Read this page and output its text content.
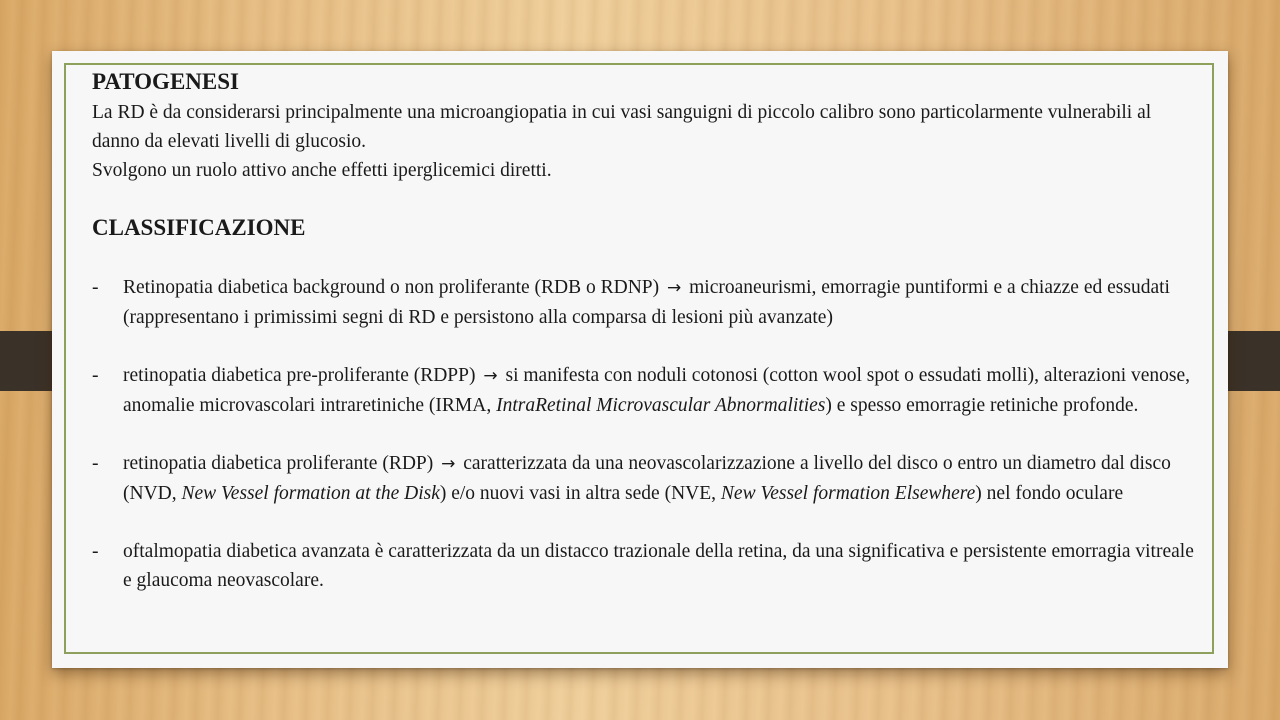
PATOGENESI

La RD è da considerarsi principalmente una microangiopatia in cui vasi sanguigni di piccolo calibro sono particolarmente vulnerabili al danno da elevati livelli di glucosio.

Svolgono un ruolo attivo anche effetti iperglicemici diretti.

CLASSIFICAZIONE

- Retinopatia diabetica background o non proliferante (RDB o RDNP) → microaneurismi, emorragie puntiformi e a chiazze ed essudati (rappresentano i primissimi segni di RD e persistono alla comparsa di lesioni più avanzate)

- retinopatia diabetica pre-proliferante (RDPP) → si manifesta con noduli cotonosi (cotton wool spot o essudati molli), alterazioni venose, anomalie microvascolari intraretiniche (IRMA, IntraRetinal Microvascular Abnormalities) e spesso emorragie retiniche profonde.

- retinopatia diabetica proliferante (RDP) → caratterizzata da una neovascolarizzazione a livello del disco o entro un diametro dal disco (NVD, New Vessel formation at the Disk) e/o nuovi vasi in altra sede (NVE, New Vessel formation Elsewhere) nel fondo oculare

- oftalmopatia diabetica avanzata è caratterizzata da un distacco trazionale della retina, da una significativa e persistente emorragia vitreale e glaucoma neovascolare.
